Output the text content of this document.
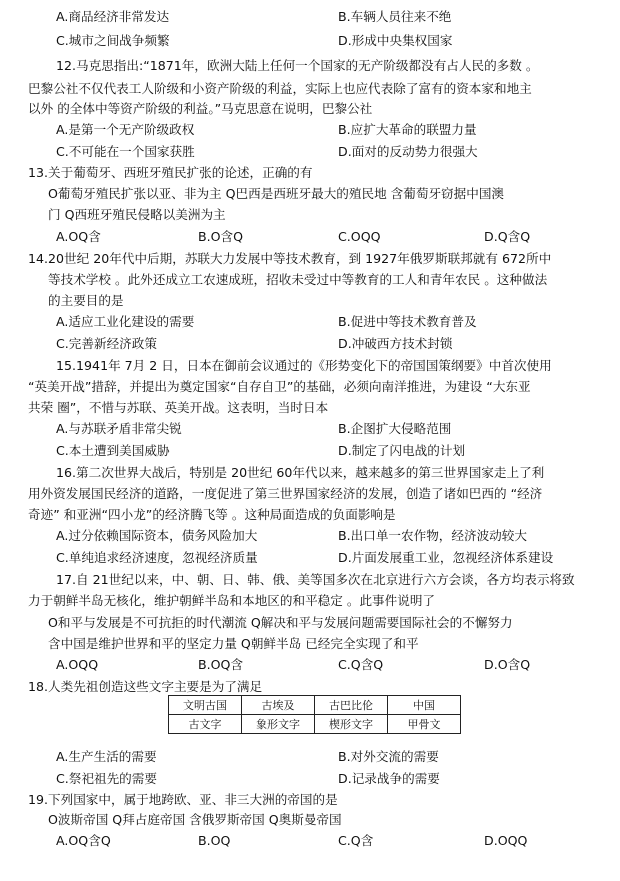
A.商品经济非常发达	B.车辆人员往来不绝
C.城市之间战争频繁	D.形成中央集权国家
12.马克思指出:“1871年，欧洲大陆上任何一个国家的无产阶级都没有占人民的多数 。
巴黎公社不仅代表工人阶级和小资产阶级的利益，实际上也应代表除了富有的资本家和地主
以外 的全体中等资产阶级的利益。”马克思意在说明，巴黎公社
A.是第一个无产阶级政权	B.应扩大革命的联盟力量
C.不可能在一个国家获胜	D.面对的反动势力很强大
13.关于葡萄牙、西班牙殖民扩张的论述，正确的有
O葡萄牙殖民扩张以亚、非为主 Q巴西是西班牙最大的殖民地 含葡萄牙窃据中国澳
门 Q西班牙殖民侵略以美洲为主
A.OQ含	B.O含Q	C.OQQ	D.Q含Q
14.20世纪 20年代中后期，苏联大力发展中等技术教育，到 1927年俄罗斯联邦就有 672所中
等技术学校 。此外还成立工农速成班，招收未受过中等教育的工人和青年农民 。这种做法
的主要目的是
A.适应工业化建设的需要	B.促进中等技术教育普及
C.完善新经济政策	D.冲破西方技术封锁
15.1941年 7月 2 日，日本在御前会议通过的《形势变化下的帝国国策纲要》中首次使用
“英美开战”措辞，并提出为奠定国家“自存自卫”的基础，必须向南洋推进，为建设 “大东亚
共荣 圈”，不惜与苏联、英美开战。这表明，当时日本
A.与苏联矛盾非常尖锐	B.企图扩大侵略范围
C.本土遭到美国威胁	D.制定了闪电战的计划
16.第二次世界大战后，特别是 20世纪 60年代以来，越来越多的第三世界国家走上了利
用外资发展国民经济的道路，一度促进了第三世界国家经济的发展，创造了诸如巴西的 “经济
奇迹” 和亚洲“四小龙”的经济腾飞等 。这种局面造成的负面影响是
A.过分依赖国际资本，债务风险加大	B.出口单一农作物，经济波动较大
C.单纯追求经济速度，忽视经济质量	D.片面发展重工业，忽视经济体系建设
17.自 21世纪以来，中、朝、日、韩、俄、美等国多次在北京进行六方会谈，各方均表示将致
力于朝鲜半岛无核化，维护朝鲜半岛和本地区的和平稳定 。此事件说明了
O和平与发展是不可抗拒的时代潮流 Q解决和平与发展问题需要国际社会的不懈努力
含中国是维护世界和平的坚定力量 Q朝鲜半岛 已经完全实现了和平
A.OQQ	B.OQ含	C.Q含Q	D.O含Q
18.人类先祖创造这些文字主要是为了满足
文明古国	古埃及	古巴比伦	中国
古文字	象形文字	楔形文字	甲骨文
A.生产生活的需要	B.对外交流的需要
C.祭祀祖先的需要	D.记录战争的需要
19.下列国家中，属于地跨欧、亚、非三大洲的帝国的是
O波斯帝国 Q拜占庭帝国 含俄罗斯帝国 Q奥斯曼帝国
A.OQ含Q	B.OQ	C.Q含	D.OQQ
